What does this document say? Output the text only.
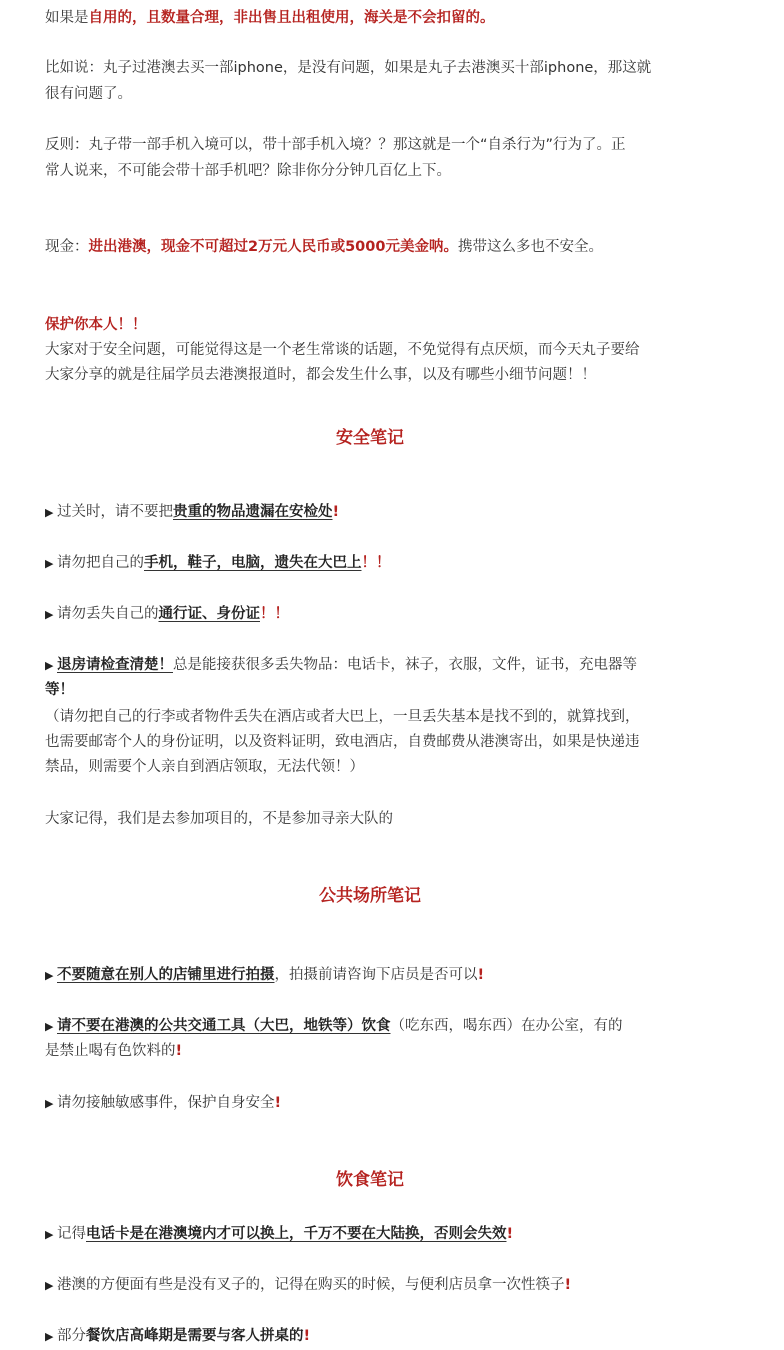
如果是自用的，且数量合理，非出售且出租使用，海关是不会扣留的。
比如说：丸子过港澳去买一部iphone，是没有问题，如果是丸子去港澳买十部iphone，那这就
很有问题了。
反则：丸子带一部手机入境可以，带十部手机入境？？那这就是一个“自杀行为”行为了。正
常人说来，不可能会带十部手机吧？除非你分分钟几百亿上下。
现金：进出港澳，现金不可超过2万元人民币或5000元美金呐。携带这么多也不安全。
保护你本人！！
大家对于安全问题，可能觉得这是一个老生常谈的话题，不免觉得有点厌烦，而今天丸子要给
大家分享的就是往届学员去港澳报道时，都会发生什么事，以及有哪些小细节问题！！
安全笔记
▶ 过关时，请不要把贵重的物品遗漏在安检处!
▶ 请勿把自己的手机，鞋子，电脑，遗失在大巴上！！
▶ 请勿丢失自己的通行证、身份证！！
▶ 退房请检查清楚！总是能接获很多丢失物品：电话卡，袜子，衣服，文件，证书，充电器等
等！
（请勿把自己的行李或者物件丢失在酒店或者大巴上，一旦丢失基本是找不到的，就算找到，
也需要邮寄个人的身份证明，以及资料证明，致电酒店，自费邮费从港澳寄出，如果是快递违
禁品，则需要个人亲自到酒店领取，无法代领！）
大家记得，我们是去参加项目的，不是参加寻亲大队的
公共场所笔记
▶ 不要随意在别人的店铺里进行拍摄，拍摄前请咨询下店员是否可以!
▶ 请不要在港澳的公共交通工具（大巴，地铁等）饮食（吃东西，喝东西）在办公室，有的
是禁止喝有色饮料的!
▶ 请勿接触敏感事件，保护自身安全!
饮食笔记
▶ 记得电话卡是在港澳境内才可以换上，千万不要在大陆换，否则会失效!
▶ 港澳的方便面有些是没有叉子的，记得在购买的时候，与便利店员拿一次性筷子!
▶ 部分餐饮店高峰期是需要与客人拼桌的!
